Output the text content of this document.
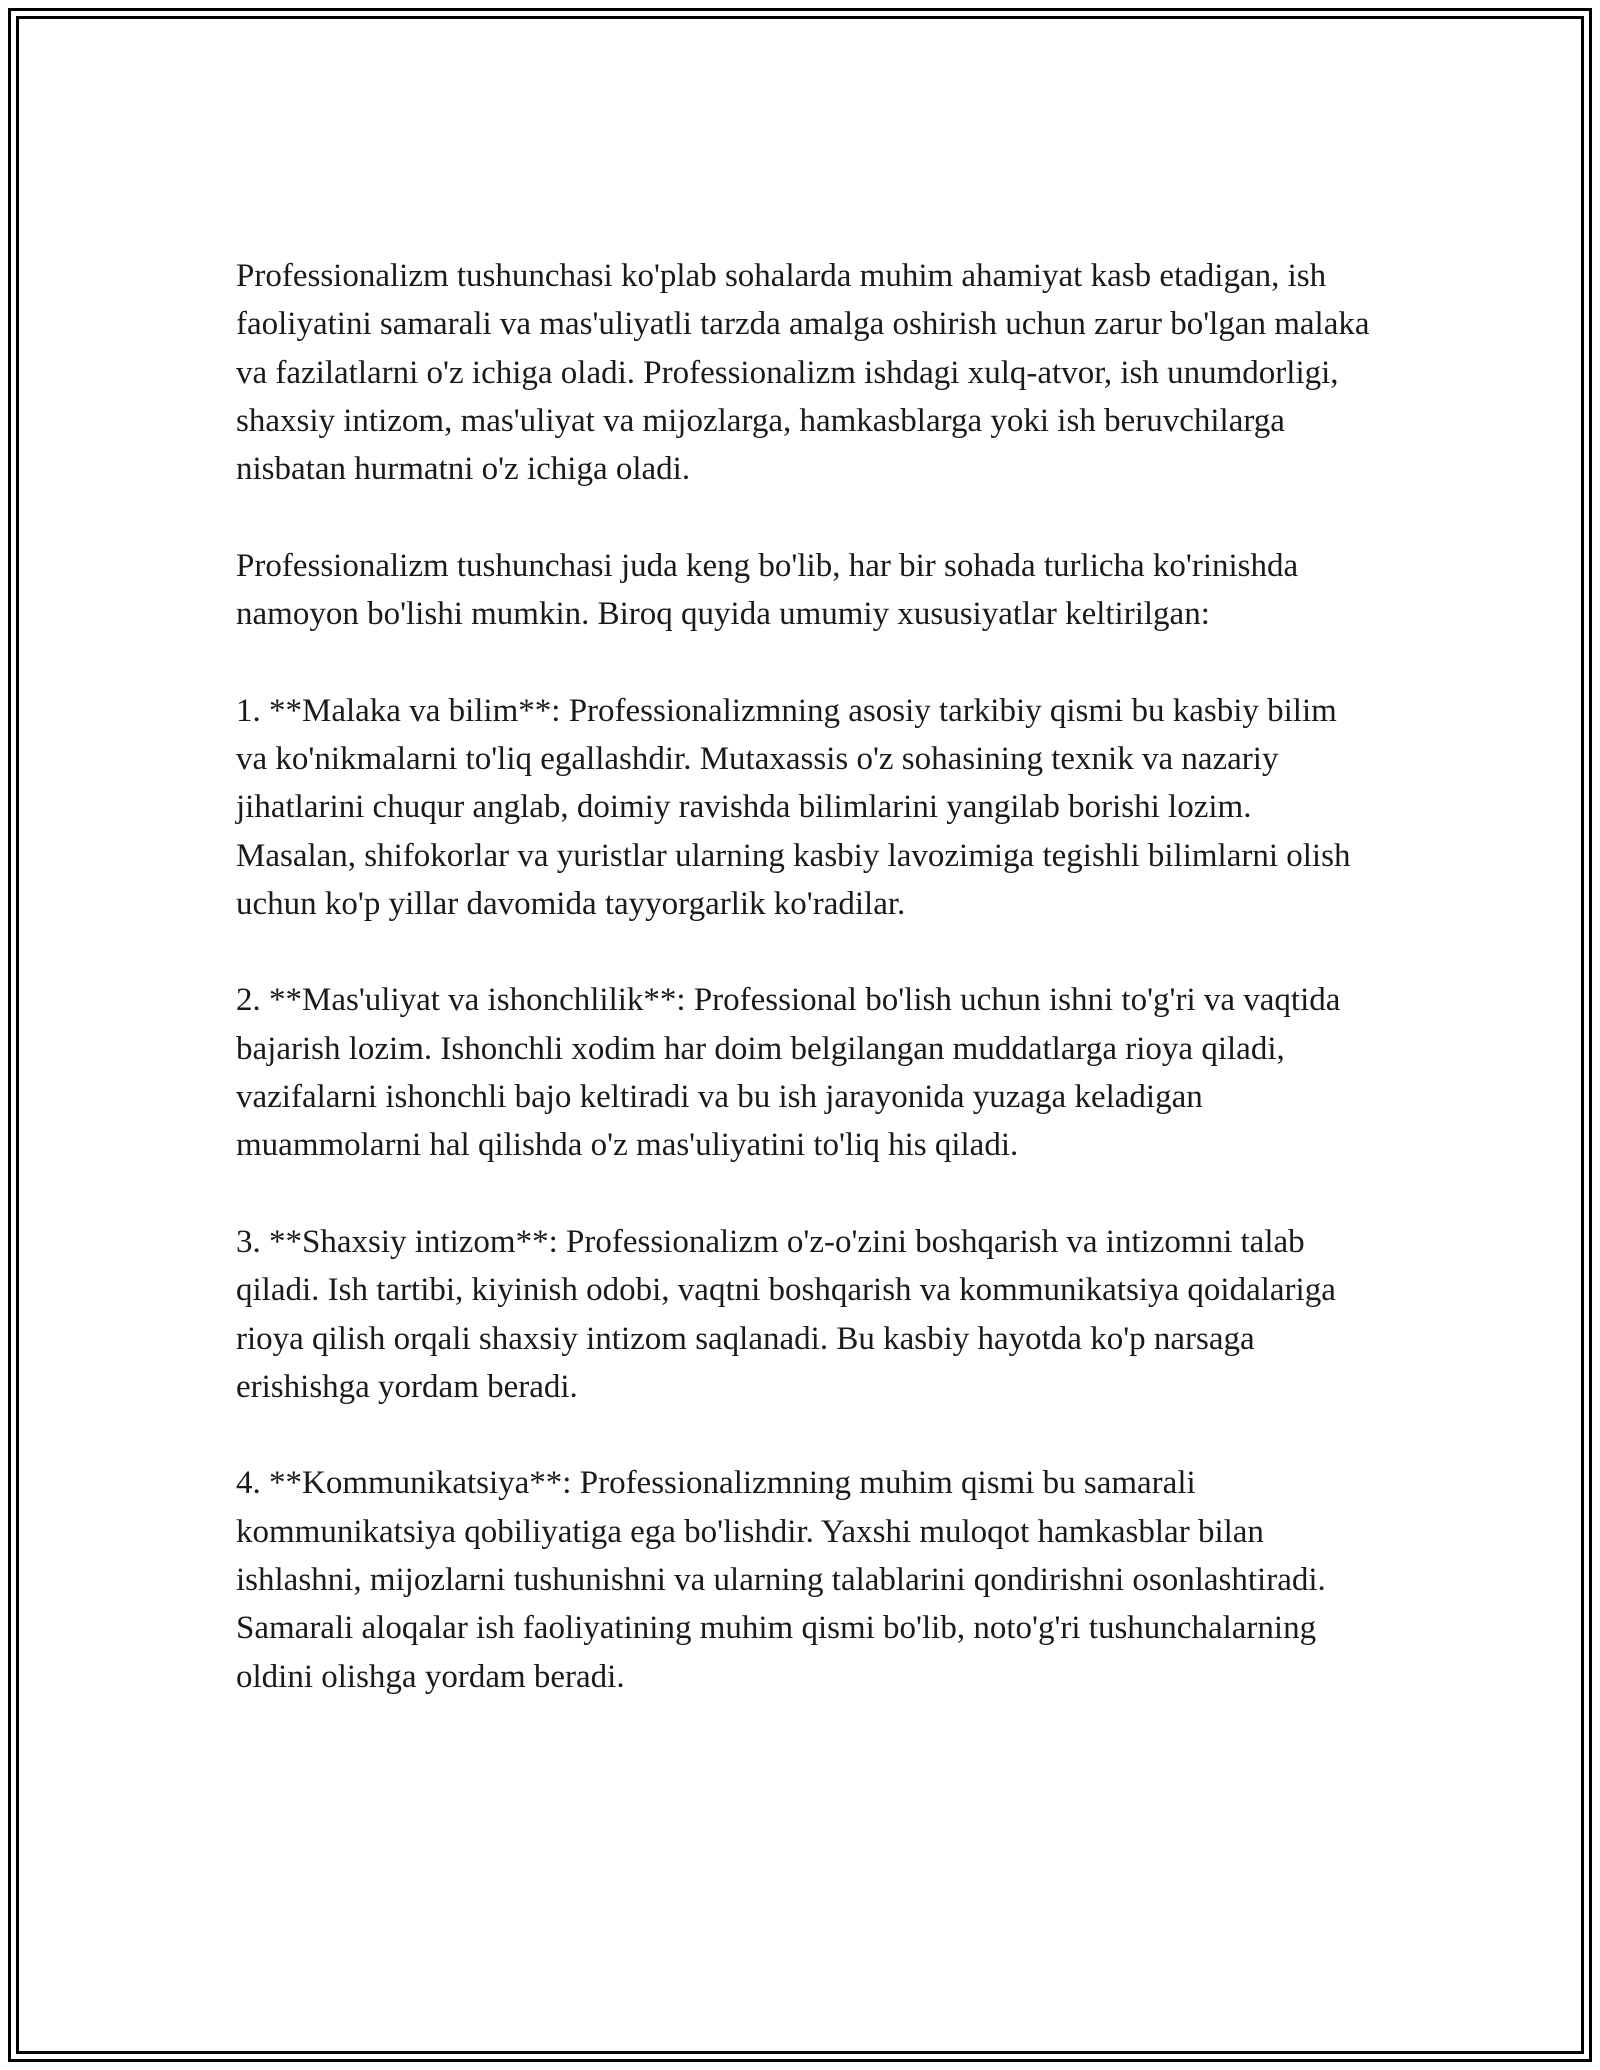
Professionalizm tushunchasi ko'plab sohalarda muhim ahamiyat kasb etadigan, ish faoliyatini samarali va mas'uliyatli tarzda amalga oshirish uchun zarur bo'lgan malaka va fazilatlarni o'z ichiga oladi. Professionalizm ishdagi xulq-atvor, ish unumdorligi, shaxsiy intizom, mas'uliyat va mijozlarga, hamkasblarga yoki ish beruvchilarga nisbatan hurmatni o'z ichiga oladi.

Professionalizm tushunchasi juda keng bo'lib, har bir sohada turlicha ko'rinishda namoyon bo'lishi mumkin. Biroq quyida umumiy xususiyatlar keltirilgan:

1. **Malaka va bilim**: Professionalizmning asosiy tarkibiy qismi bu kasbiy bilim va ko'nikmalarni to'liq egallashdir. Mutaxassis o'z sohasining texnik va nazariy jihatlarini chuqur anglab, doimiy ravishda bilimlarini yangilab borishi lozim. Masalan, shifokorlar va yuristlar ularning kasbiy lavozimiga tegishli bilimlarni olish uchun ko'p yillar davomida tayyorgarlik ko'radilar.

2. **Mas'uliyat va ishonchlilik**: Professional bo'lish uchun ishni to'g'ri va vaqtida bajarish lozim. Ishonchli xodim har doim belgilangan muddatlarga rioya qiladi, vazifalarni ishonchli bajo keltiradi va bu ish jarayonida yuzaga keladigan muammolarni hal qilishda o'z mas'uliyatini to'liq his qiladi.

3. **Shaxsiy intizom**: Professionalizm o'z-o'zini boshqarish va intizomni talab qiladi. Ish tartibi, kiyinish odobi, vaqtni boshqarish va kommunikatsiya qoidalariga rioya qilish orqali shaxsiy intizom saqlanadi. Bu kasbiy hayotda ko'p narsaga erishishga yordam beradi.

4. **Kommunikatsiya**: Professionalizmning muhim qismi bu samarali kommunikatsiya qobiliyatiga ega bo'lishdir. Yaxshi muloqot hamkasblar bilan ishlashni, mijozlarni tushunishni va ularning talablarini qondirishni osonlashtiradi. Samarali aloqalar ish faoliyatining muhim qismi bo'lib, noto'g'ri tushunchalarning oldini olishga yordam beradi.
